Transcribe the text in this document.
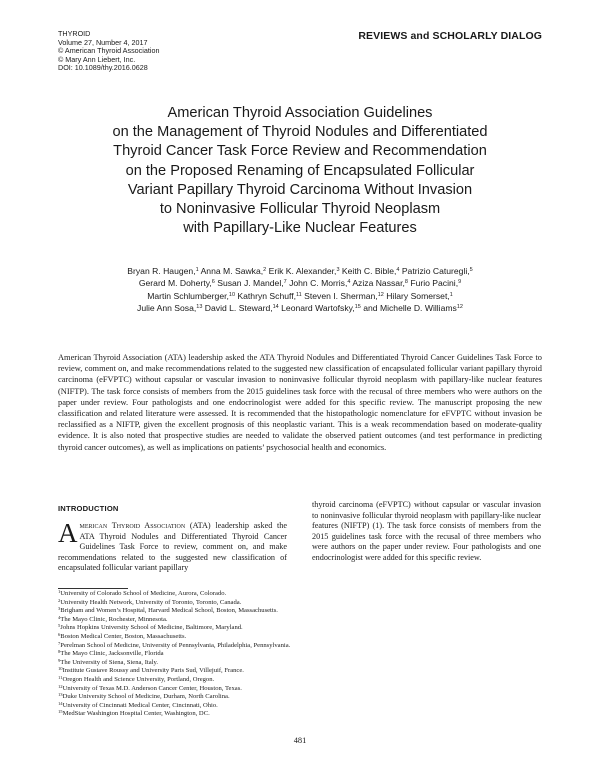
THYROID
Volume 27, Number 4, 2017
© American Thyroid Association
© Mary Ann Liebert, Inc.
DOI: 10.1089/thy.2016.0628
REVIEWS and SCHOLARLY DIALOG
American Thyroid Association Guidelines
on the Management of Thyroid Nodules and Differentiated
Thyroid Cancer Task Force Review and Recommendation
on the Proposed Renaming of Encapsulated Follicular
Variant Papillary Thyroid Carcinoma Without Invasion
to Noninvasive Follicular Thyroid Neoplasm
with Papillary-Like Nuclear Features
Bryan R. Haugen,$^1$ Anna M. Sawka,$^2$ Erik K. Alexander,$^3$ Keith C. Bible,$^4$ Patrizio Caturegli,$^5$
Gerard M. Doherty,$^6$ Susan J. Mandel,$^7$ John C. Morris,$^4$ Aziza Nassar,$^8$ Furio Pacini,$^9$
Martin Schlumberger,$^{10}$ Kathryn Schuff,$^{11}$ Steven I. Sherman,$^{12}$ Hilary Somerset,$^1$
Julie Ann Sosa,$^{13}$ David L. Steward,$^{14}$ Leonard Wartofsky,$^{15}$ and Michelle D. Williams$^{12}$
American Thyroid Association (ATA) leadership asked the ATA Thyroid Nodules and Differentiated Thyroid Cancer Guidelines Task Force to review, comment on, and make recommendations related to the suggested new classification of encapsulated follicular variant papillary thyroid carcinoma (eFVPTC) without capsular or vascular invasion to noninvasive follicular thyroid neoplasm with papillary-like nuclear features (NIFTP). The task force consists of members from the 2015 guidelines task force with the recusal of three members who were authors on the paper under review. Four pathologists and one endocrinologist were added for this specific review. The manuscript proposing the new classification and related literature were assessed. It is recommended that the histopathologic nomenclature for eFVPTC without invasion be reclassified as a NIFTP, given the excellent prognosis of this neoplastic variant. This is a weak recommendation based on moderate-quality evidence. It is also noted that prospective studies are needed to validate the observed patient outcomes (and test performance in predicting thyroid cancer outcomes), as well as implications on patients’ psychosocial health and economics.
INTRODUCTION
American Thyroid Association (ATA) leadership asked the ATA Thyroid Nodules and Differentiated Thyroid Cancer Guidelines Task Force to review, comment on, and make recommendations related to the suggested new classification of encapsulated follicular variant papillary
thyroid carcinoma (eFVPTC) without capsular or vascular invasion to noninvasive follicular thyroid neoplasm with papillary-like nuclear features (NIFTP) (1). The task force consists of members from the 2015 guidelines task force with the recusal of three members who were authors on the paper under review. Four pathologists and one endocrinologist were added for this specific review.
$^1$University of Colorado School of Medicine, Aurora, Colorado.
$^2$University Health Network, University of Toronto, Toronto, Canada.
$^3$Brigham and Women’s Hospital, Harvard Medical School, Boston, Massachusetts.
$^4$The Mayo Clinic, Rochester, Minnesota.
$^5$Johns Hopkins University School of Medicine, Baltimore, Maryland.
$^6$Boston Medical Center, Boston, Massachusetts.
$^7$Perelman School of Medicine, University of Pennsylvania, Philadelphia, Pennsylvania.
$^8$The Mayo Clinic, Jacksonville, Florida
$^9$The University of Siena, Siena, Italy.
$^{10}$Institute Gustave Roussy and University Paris Sud, Villejuif, France.
$^{11}$Oregon Health and Science University, Portland, Oregon.
$^{12}$University of Texas M.D. Anderson Cancer Center, Houston, Texas.
$^{13}$Duke University School of Medicine, Durham, North Carolina.
$^{14}$University of Cincinnati Medical Center, Cincinnati, Ohio.
$^{15}$MedStar Washington Hospital Center, Washington, DC.
481
